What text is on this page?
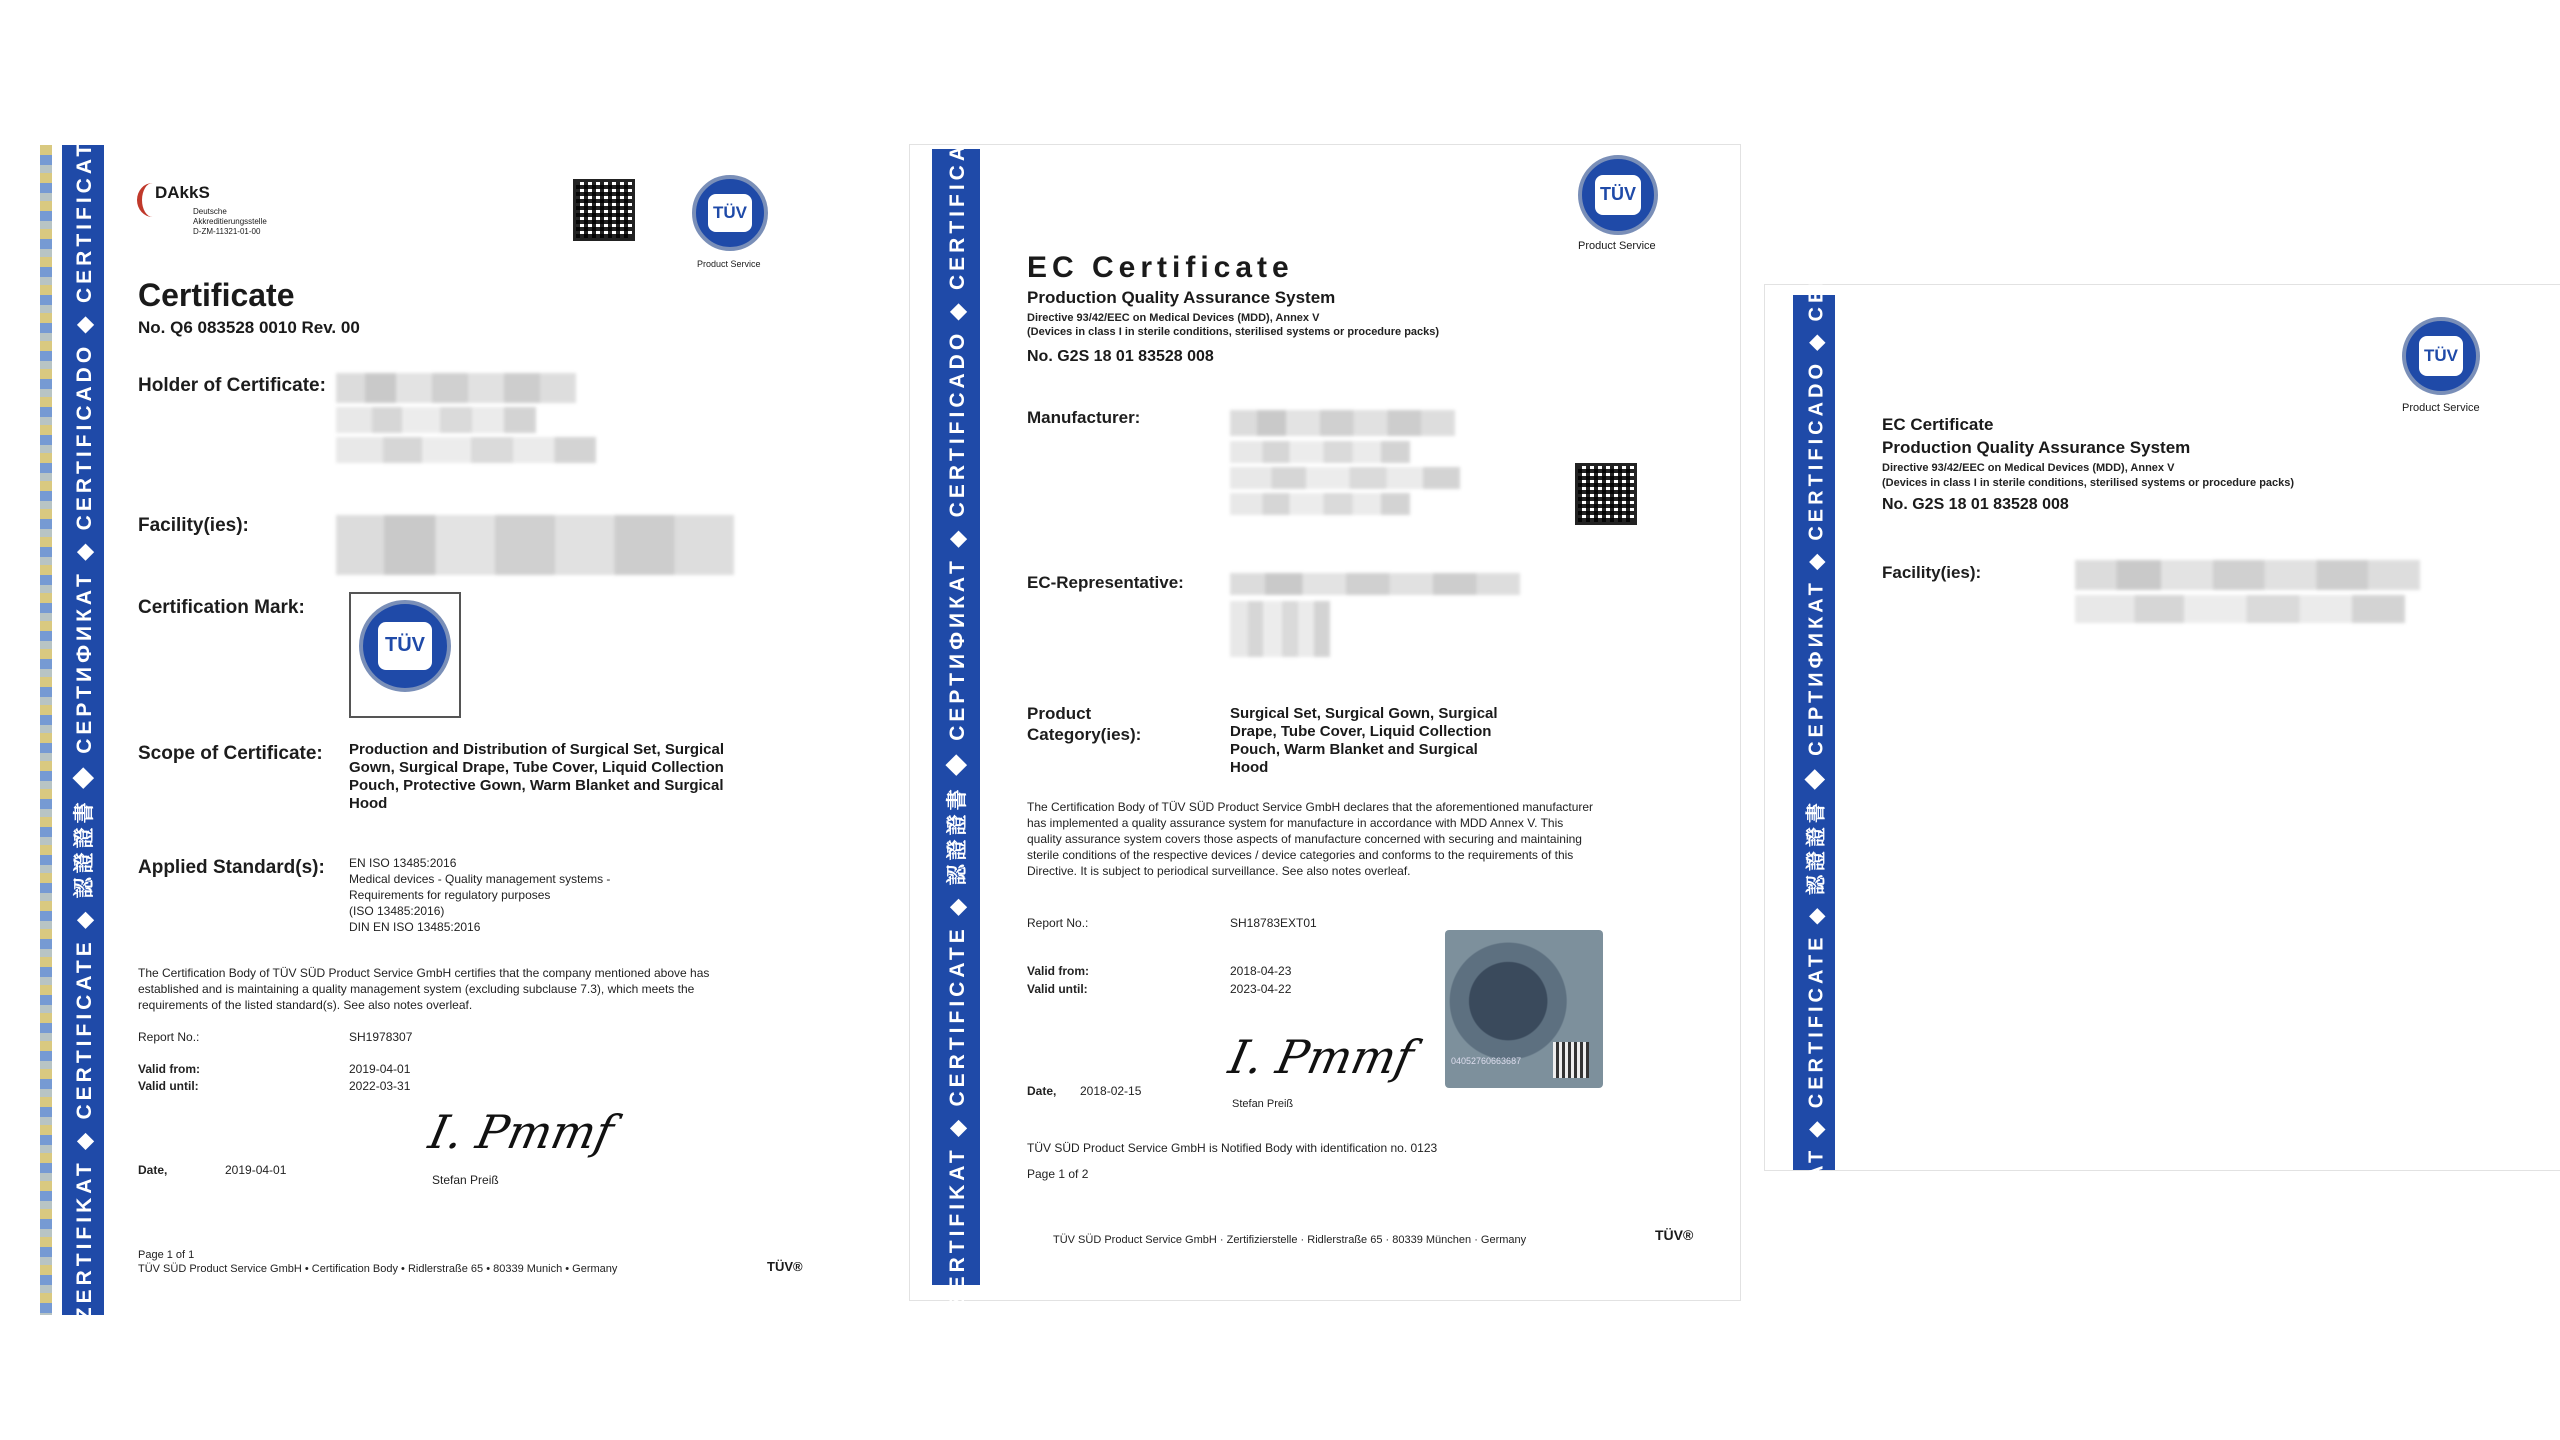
ZERTIFIKAT ◆ CERTIFICATE ◆ 認證證書 ◆ СЕРТИФИКАТ ◆ CERTIFICADO ◆ CERTIFICAT	DAkkS
Deutsche
Akkreditierungsstelle
D-ZM-11321-01-00
TÜV
Product Service
Certificate
No. Q6 083528 0010 Rev. 00
Holder of Certificate:
Facility(ies):
Certification Mark:
TÜV
Scope of Certificate: Production and Distribution of Surgical Set, Surgical Gown, Surgical Drape, Tube Cover, Liquid Collection Pouch, Protective Gown, Warm Blanket and Surgical Hood
Applied Standard(s): EN ISO 13485:2016
Medical devices - Quality management systems -
Requirements for regulatory purposes
(ISO 13485:2016)
DIN EN ISO 13485:2016
The Certification Body of TÜV SÜD Product Service GmbH certifies that the company mentioned above has established and is maintaining a quality management system (excluding subclause 7.3), which meets the requirements of the listed standard(s). See also notes overleaf.
Report No.:	SH1978307
Valid from:	2019-04-01
Valid until:	2022-03-31
Date,	2019-04-01
I. Pmmf
Stefan Preiß
Page 1 of 1
TÜV SÜD Product Service GmbH • Certification Body • Ridlerstraße 65 • 80339 Munich • Germany	TÜV®	ZERTIFIKAT ◆ CERTIFICATE ◆ 認證證書 ◆ СЕРТИФИКАТ ◆ CERTIFICADO ◆ CERTIFICAT	TÜV
Product Service
EC Certificate
Production Quality Assurance System
Directive 93/42/EEC on Medical Devices (MDD), Annex V
(Devices in class I in sterile conditions, sterilised systems or procedure packs)
No. G2S 18 01 83528 008
Manufacturer:
EC-Representative:
Product Category(ies):
Surgical Set, Surgical Gown, Surgical Drape, Tube Cover, Liquid Collection Pouch, Warm Blanket and Surgical Hood
The Certification Body of TÜV SÜD Product Service GmbH declares that the aforementioned manufacturer has implemented a quality assurance system for manufacture in accordance with MDD Annex V. This quality assurance system covers those aspects of manufacture concerned with securing and maintaining sterile conditions of the respective devices / device categories and conforms to the requirements of this Directive. It is subject to periodical surveillance. See also notes overleaf.
Report No.:	SH18783EXT01
Valid from:	2018-04-23
Valid until:	2023-04-22
04052760663687
Date, 2018-02-15
I. Pmmf
Stefan Preiß
TÜV SÜD Product Service GmbH is Notified Body with identification no. 0123
Page 1 of 2
TÜV SÜD Product Service GmbH · Zertifizierstelle · Ridlerstraße 65 · 80339 München · Germany	TÜV®	ZERTIFIKAT ◆ CERTIFICATE ◆ 認證證書 ◆ СЕРТИФИКАТ ◆ CERTIFICADO ◆ CERTIFICAT	TÜV
Product Service
EC Certificate
Production Quality Assurance System
Directive 93/42/EEC on Medical Devices (MDD), Annex V
(Devices in class I in sterile conditions, sterilised systems or procedure packs)
No. G2S 18 01 83528 008
Facility(ies):
